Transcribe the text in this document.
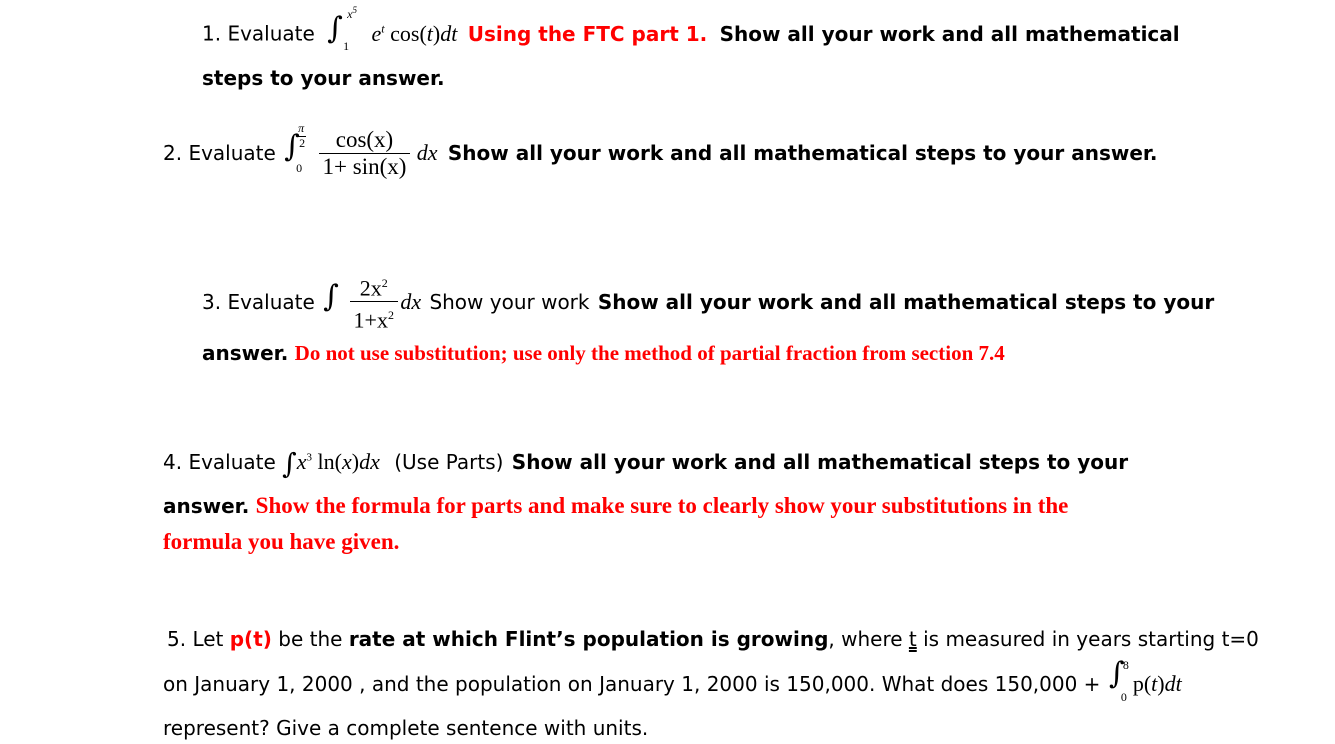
1. Evaluate ∫ $x^5$
1
$e^t$ cos(t)dt Using the FTC part 1. Show all your work and all mathematical
steps to your answer.
2. Evaluate ∫
π
2
0
$\frac{\cos(x)}{1+ \sin(x)}$ dx Show all your work and all mathematical steps to your answer.
3. Evaluate ∫
$\frac{2x^2}{1+x^2}$ dx Show your work Show all your work and all mathematical steps to your
answer. Do not use substitution; use only the method of partial fraction from section 7.4
4. Evaluate $\int x^3$ ln(x)dx (Use Parts) Show all your work and all mathematical steps to your
answer. Show the formula for parts and make sure to clearly show your substitutions in the
formula you have given.
5. Let p(t) be the rate at which Flint’s population is growing, where t is measured in years starting t=0
on January 1, 2000 , and the population on January 1, 2000 is 150,000. What does 150,000 + ∫
8
0
p(t)dt
represent? Give a complete sentence with units.
